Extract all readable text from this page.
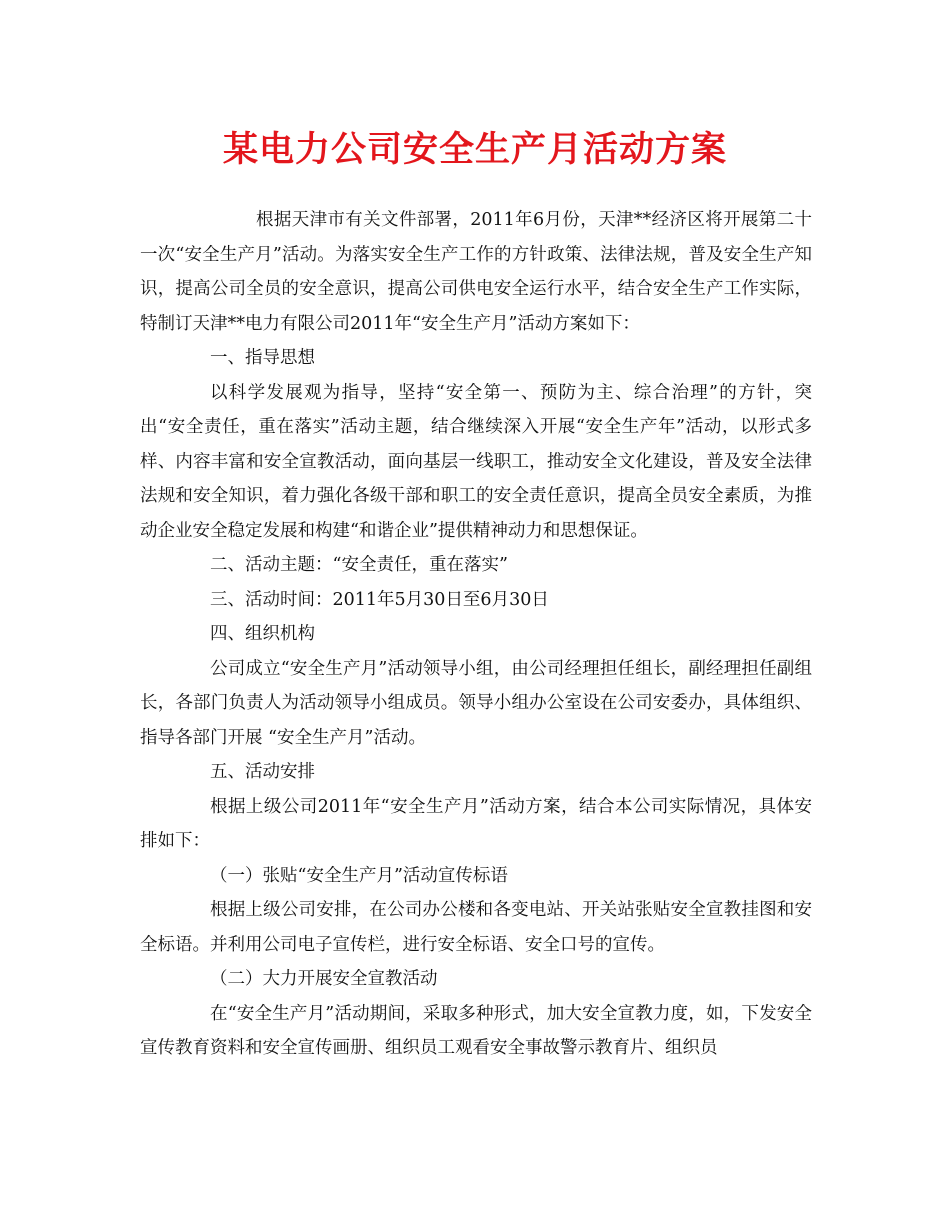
某电力公司安全生产月活动方案

根据天津市有关文件部署，2011年6月份，天津**经济区将开展第二十一次“安全生产月”活动。为落实安全生产工作的方针政策、法律法规，普及安全生产知识，提高公司全员的安全意识，提高公司供电安全运行水平，结合安全生产工作实际，特制订天津**电力有限公司2011年“安全生产月”活动方案如下：

一、指导思想

以科学发展观为指导，坚持“安全第一、预防为主、综合治理”的方针，突出“安全责任，重在落实”活动主题，结合继续深入开展“安全生产年”活动，以形式多样、内容丰富和安全宣教活动，面向基层一线职工，推动安全文化建设，普及安全法律法规和安全知识，着力强化各级干部和职工的安全责任意识，提高全员安全素质，为推动企业安全稳定发展和构建“和谐企业”提供精神动力和思想保证。

二、活动主题：“安全责任，重在落实”

三、活动时间：2011年5月30日至6月30日

四、组织机构

公司成立“安全生产月”活动领导小组，由公司经理担任组长，副经理担任副组长，各部门负责人为活动领导小组成员。领导小组办公室设在公司安委办，具体组织、指导各部门开展 “安全生产月”活动。

五、活动安排

根据上级公司2011年“安全生产月”活动方案，结合本公司实际情况，具体安排如下：

（一）张贴“安全生产月”活动宣传标语

根据上级公司安排，在公司办公楼和各变电站、开关站张贴安全宣教挂图和安全标语。并利用公司电子宣传栏，进行安全标语、安全口号的宣传。

（二）大力开展安全宣教活动

在“安全生产月”活动期间，采取多种形式，加大安全宣教力度，如，下发安全宣传教育资料和安全宣传画册、组织员工观看安全事故警示教育片、组织员
